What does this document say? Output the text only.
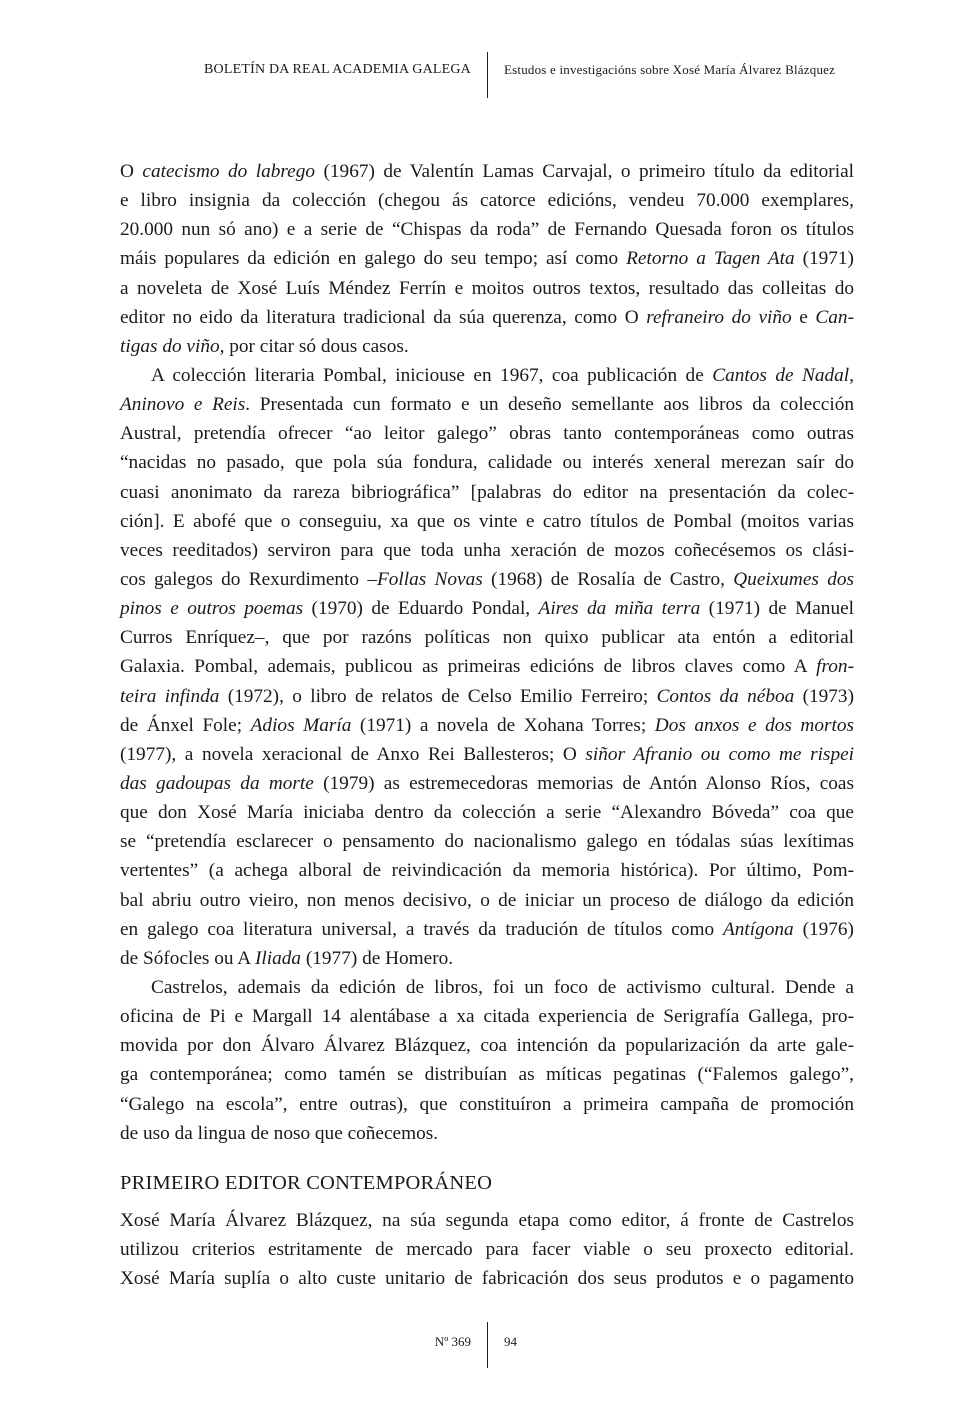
BOLETÍN DA REAL ACADEMIA GALEGA	Estudos e investigacións sobre Xosé María Álvarez Blázquez
O catecismo do labrego (1967) de Valentín Lamas Carvajal, o primeiro título da editorial
e libro insignia da colección (chegou ás catorce edicións, vendeu 70.000 exemplares,
20.000 nun só ano) e a serie de “Chispas da roda” de Fernando Quesada foron os títulos
máis populares da edición en galego do seu tempo; así como Retorno a Tagen Ata (1971)
a noveleta de Xosé Luís Méndez Ferrín e moitos outros textos, resultado das colleitas do
editor no eido da literatura tradicional da súa querenza, como O refraneiro do viño e Can-
tigas do viño, por citar só dous casos.
A colección literaria Pombal, iniciouse en 1967, coa publicación de Cantos de Nadal,
Aninovo e Reis. Presentada cun formato e un deseño semellante aos libros da colección
Austral, pretendía ofrecer “ao leitor galego” obras tanto contemporáneas como outras
“nacidas no pasado, que pola súa fondura, calidade ou interés xeneral merezan saír do
cuasi anonimato da rareza bibriográfica” [palabras do editor na presentación da colec-
ción]. E abofé que o conseguiu, xa que os vinte e catro títulos de Pombal (moitos varias
veces reeditados) serviron para que toda unha xeración de mozos coñecésemos os clási-
cos galegos do Rexurdimento –Follas Novas (1968) de Rosalía de Castro, Queixumes dos
pinos e outros poemas (1970) de Eduardo Pondal, Aires da miña terra (1971) de Manuel
Curros Enríquez–, que por razóns políticas non quixo publicar ata entón a editorial
Galaxia. Pombal, ademais, publicou as primeiras edicións de libros claves como A fron-
teira infinda (1972), o libro de relatos de Celso Emilio Ferreiro; Contos da néboa (1973)
de Ánxel Fole; Adios María (1971) a novela de Xohana Torres; Dos anxos e dos mortos
(1977), a novela xeracional de Anxo Rei Ballesteros; O siñor Afranio ou como me rispei
das gadoupas da morte (1979) as estremecedoras memorias de Antón Alonso Ríos, coas
que don Xosé María iniciaba dentro da colección a serie “Alexandro Bóveda” coa que
se “pretendía esclarecer o pensamento do nacionalismo galego en tódalas súas lexítimas
vertentes” (a achega alboral de reivindicación da memoria histórica). Por último, Pom-
bal abriu outro vieiro, non menos decisivo, o de iniciar un proceso de diálogo da edición
en galego coa literatura universal, a través da tradución de títulos como Antígona (1976)
de Sófocles ou A Iliada (1977) de Homero.
Castrelos, ademais da edición de libros, foi un foco de activismo cultural. Dende a
oficina de Pi e Margall 14 alentábase a xa citada experiencia de Serigrafía Gallega, pro-
movida por don Álvaro Álvarez Blázquez, coa intención da popularización da arte gale-
ga contemporánea; como tamén se distribuían as míticas pegatinas (“Falemos galego”,
“Galego na escola”, entre outras), que constituíron a primeira campaña de promoción
de uso da lingua de noso que coñecemos.
PRIMEIRO EDITOR CONTEMPORÁNEO
Xosé María Álvarez Blázquez, na súa segunda etapa como editor, á fronte de Castrelos
utilizou criterios estritamente de mercado para facer viable o seu proxecto editorial.
Xosé María suplía o alto custe unitario de fabricación dos seus produtos e o pagamento
Nº 369	94
